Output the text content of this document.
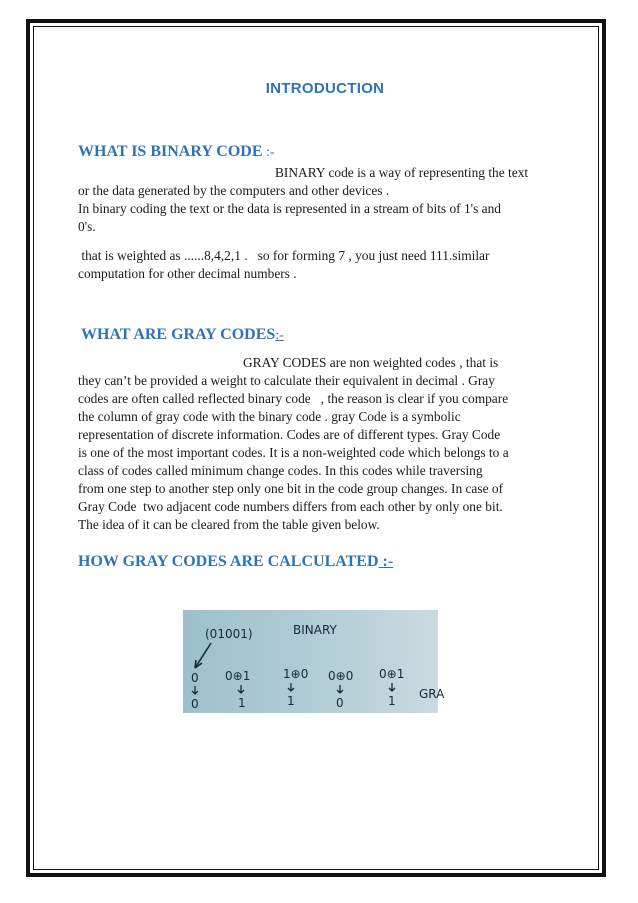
INTRODUCTION
WHAT IS BINARY CODE :-
BINARY code is a way of representing the text
or the data generated by the computers and other devices .
In binary coding the text or the data is represented in a stream of bits of 1's and
0's.
that is weighted as ......8,4,2,1 .   so for forming 7 , you just need 111.similar
computation for other decimal numbers .
WHAT ARE GRAY CODES:-
GRAY CODES are non weighted codes , that is
they can’t be provided a weight to calculate their equivalent in decimal . Gray
codes are often called reflected binary code   , the reason is clear if you compare
the column of gray code with the binary code . gray Code is a symbolic
representation of discrete information. Codes are of different types. Gray Code
is one of the most important codes. It is a non-weighted code which belongs to a
class of codes called minimum change codes. In this codes while traversing
from one step to another step only one bit in the code group changes. In case of
Gray Code  two adjacent code numbers differs from each other by only one bit.
The idea of it can be cleared from the table given below.
HOW GRAY CODES ARE CALCULATED :-
(01001)	BINARY
0 0⊕1	1⊕0 0⊕0 0⊕1
0	1	1	0	1 GRA
